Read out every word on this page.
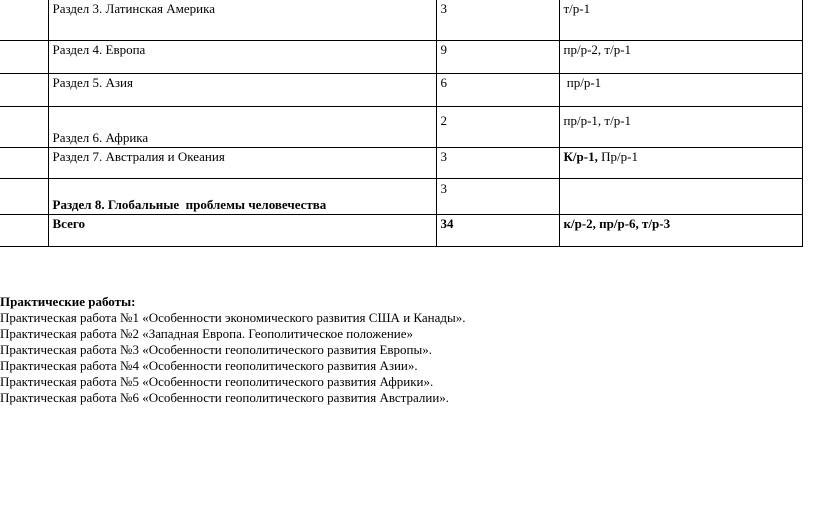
	Раздел 3. Латинская Америка	3	т/р-1
	Раздел 4. Европа	9	пр/р-2, т/р-1
	Раздел 5. Азия	6	пр/р-1
	Раздел 6. Африка	2	пр/р-1, т/р-1
	Раздел 7. Австралия и Океания	3	К/р-1, Пр/р-1
	Раздел 8. Глобальные  проблемы человечества	3	
	Всего	34	к/р-2, пр/р-6, т/р-3
Практические работы:
Практическая работа №1 «Особенности экономического развития США и Канады».
Практическая работа №2 «Западная Европа. Геополитическое положение»
Практическая работа №3 «Особенности геополитического развития Европы».
Практическая работа №4 «Особенности геополитического развития Азии».
Практическая работа №5 «Особенности геополитического развития Африки».
Практическая работа №6 «Особенности геополитического развития Австралии».
